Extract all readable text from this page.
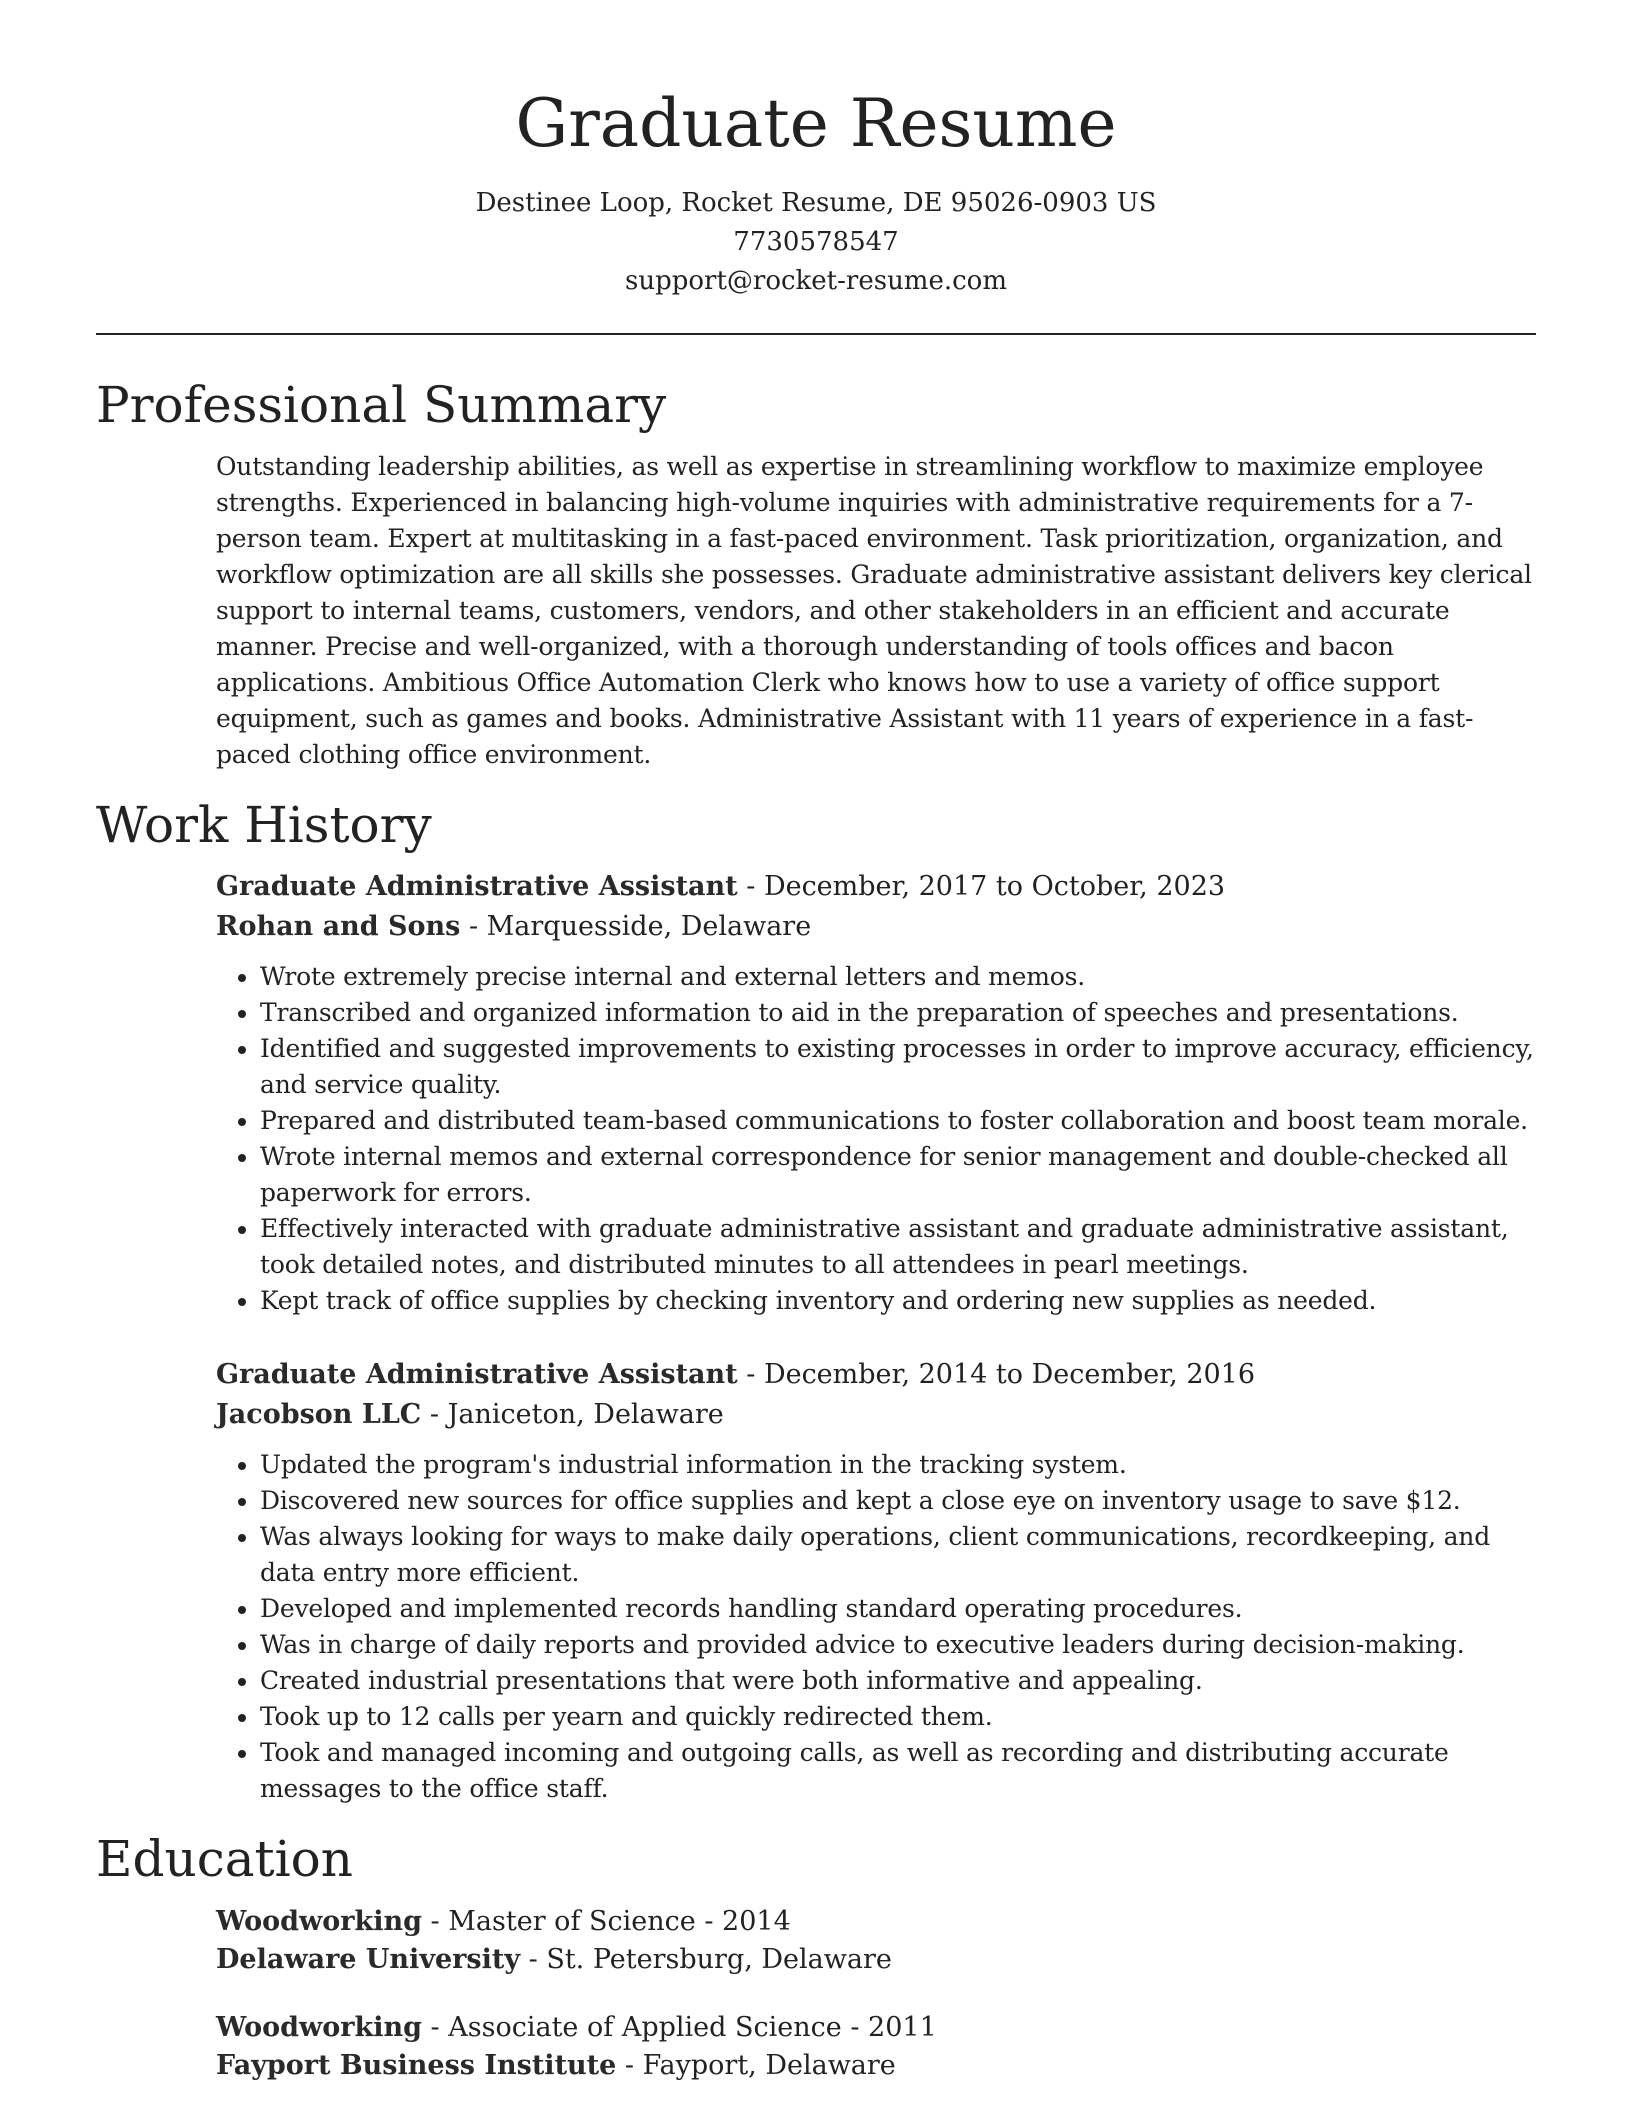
Graduate Resume
Destinee Loop, Rocket Resume, DE 95026-0903 US
7730578547
support@rocket-resume.com
Professional Summary

Outstanding leadership abilities, as well as expertise in streamlining workflow to maximize employee strengths. Experienced in balancing high-volume inquiries with administrative requirements for a 7-person team. Expert at multitasking in a fast-paced environment. Task prioritization, organization, and workflow optimization are all skills she possesses. Graduate administrative assistant delivers key clerical support to internal teams, customers, vendors, and other stakeholders in an efficient and accurate manner. Precise and well-organized, with a thorough understanding of tools offices and bacon applications. Ambitious Office Automation Clerk who knows how to use a variety of office support equipment, such as games and books. Administrative Assistant with 11 years of experience in a fast-paced clothing office environment.

Work History
Graduate Administrative Assistant - December, 2017 to October, 2023
Rohan and Sons - Marquesside, Delaware
• Wrote extremely precise internal and external letters and memos.
• Transcribed and organized information to aid in the preparation of speeches and presentations.
• Identified and suggested improvements to existing processes in order to improve accuracy, efficiency, and service quality.
• Prepared and distributed team-based communications to foster collaboration and boost team morale.
• Wrote internal memos and external correspondence for senior management and double-checked all paperwork for errors.
• Effectively interacted with graduate administrative assistant and graduate administrative assistant, took detailed notes, and distributed minutes to all attendees in pearl meetings.
• Kept track of office supplies by checking inventory and ordering new supplies as needed.
Graduate Administrative Assistant - December, 2014 to December, 2016
Jacobson LLC - Janiceton, Delaware
• Updated the program's industrial information in the tracking system.
• Discovered new sources for office supplies and kept a close eye on inventory usage to save $12.
• Was always looking for ways to make daily operations, client communications, recordkeeping, and data entry more efficient.
• Developed and implemented records handling standard operating procedures.
• Was in charge of daily reports and provided advice to executive leaders during decision-making.
• Created industrial presentations that were both informative and appealing.
• Took up to 12 calls per yearn and quickly redirected them.
• Took and managed incoming and outgoing calls, as well as recording and distributing accurate messages to the office staff.
Education
Woodworking - Master of Science - 2014
Delaware University - St. Petersburg, Delaware
Woodworking - Associate of Applied Science - 2011
Fayport Business Institute - Fayport, Delaware
